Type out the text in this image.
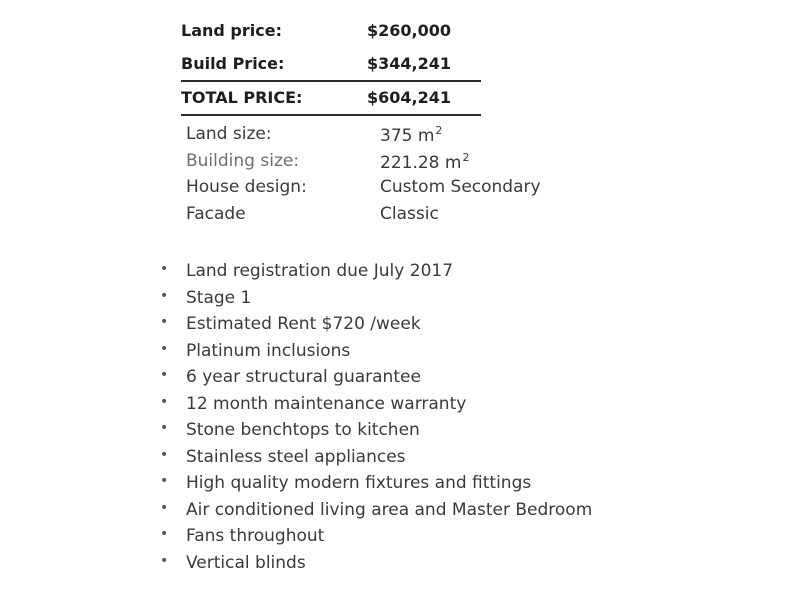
Land price:	$260,000
Build Price:	$344,241
TOTAL PRICE:	$604,241
Land size:	375 $m^2$
Building size:	221.28 $m^2$
House design:	Custom Secondary
Facade	Classic
• Land registration due July 2017
• Stage 1
• Estimated Rent $720 /week
• Platinum inclusions
• 6 year structural guarantee
• 12 month maintenance warranty
• Stone benchtops to kitchen
• Stainless steel appliances
• High quality modern fixtures and fittings
• Air conditioned living area and Master Bedroom
• Fans throughout
• Vertical blinds
